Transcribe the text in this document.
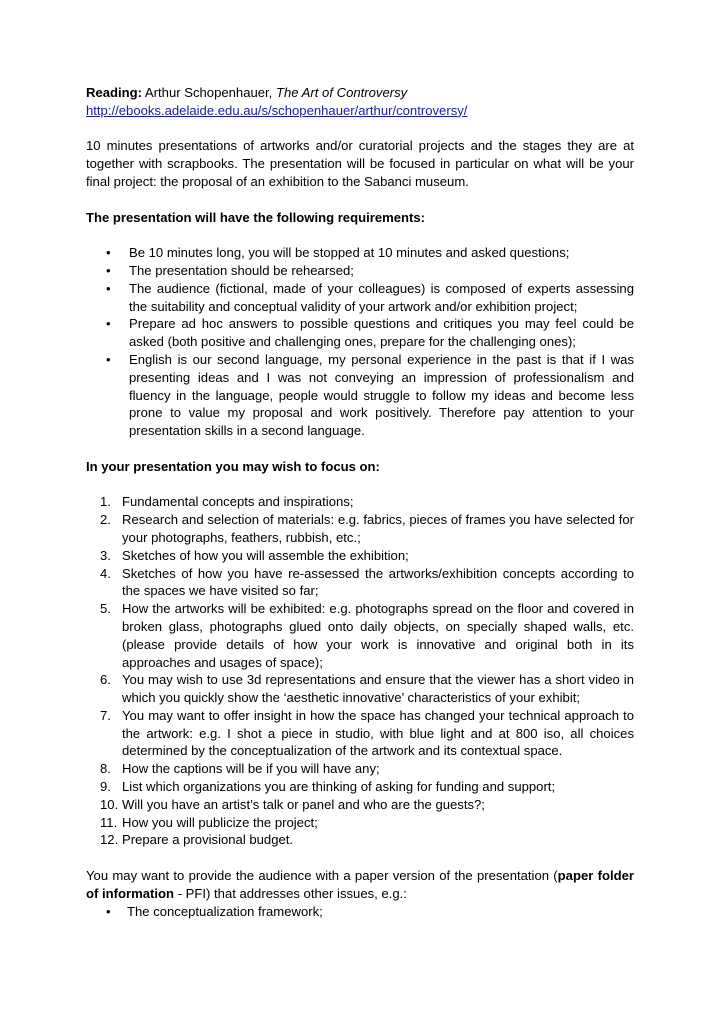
Reading: Arthur Schopenhauer, The Art of Controversy

http://ebooks.adelaide.edu.au/s/schopenhauer/arthur/controversy/

10 minutes presentations of artworks and/or curatorial projects and the stages they are at together with scrapbooks. The presentation will be focused in particular on what will be your final project: the proposal of an exhibition to the Sabanci museum.

The presentation will have the following requirements:

• Be 10 minutes long, you will be stopped at 10 minutes and asked questions;
• The presentation should be rehearsed;
• The audience (fictional, made of your colleagues) is composed of experts assessing the suitability and conceptual validity of your artwork and/or exhibition project;
• Prepare ad hoc answers to possible questions and critiques you may feel could be asked (both positive and challenging ones, prepare for the challenging ones);
• English is our second language, my personal experience in the past is that if I was presenting ideas and I was not conveying an impression of professionalism and fluency in the language, people would struggle to follow my ideas and become less prone to value my proposal and work positively. Therefore pay attention to your presentation skills in a second language.

In your presentation you may wish to focus on:

1. Fundamental concepts and inspirations;
2. Research and selection of materials: e.g. fabrics, pieces of frames you have selected for your photographs, feathers, rubbish, etc.;
3. Sketches of how you will assemble the exhibition;
4. Sketches of how you have re-assessed the artworks/exhibition concepts according to the spaces we have visited so far;
5. How the artworks will be exhibited: e.g. photographs spread on the floor and covered in broken glass, photographs glued onto daily objects, on specially shaped walls, etc. (please provide details of how your work is innovative and original both in its approaches and usages of space);
6. You may wish to use 3d representations and ensure that the viewer has a short video in which you quickly show the ‘aesthetic innovative’ characteristics of your exhibit;
7. You may want to offer insight in how the space has changed your technical approach to the artwork: e.g. I shot a piece in studio, with blue light and at 800 iso, all choices determined by the conceptualization of the artwork and its contextual space.
8. How the captions will be if you will have any;
9. List which organizations you are thinking of asking for funding and support;
10. Will you have an artist’s talk or panel and who are the guests?;
11. How you will publicize the project;
12. Prepare a provisional budget.

You may want to provide the audience with a paper version of the presentation (paper folder of information - PFI) that addresses other issues, e.g.:

• The conceptualization framework;
